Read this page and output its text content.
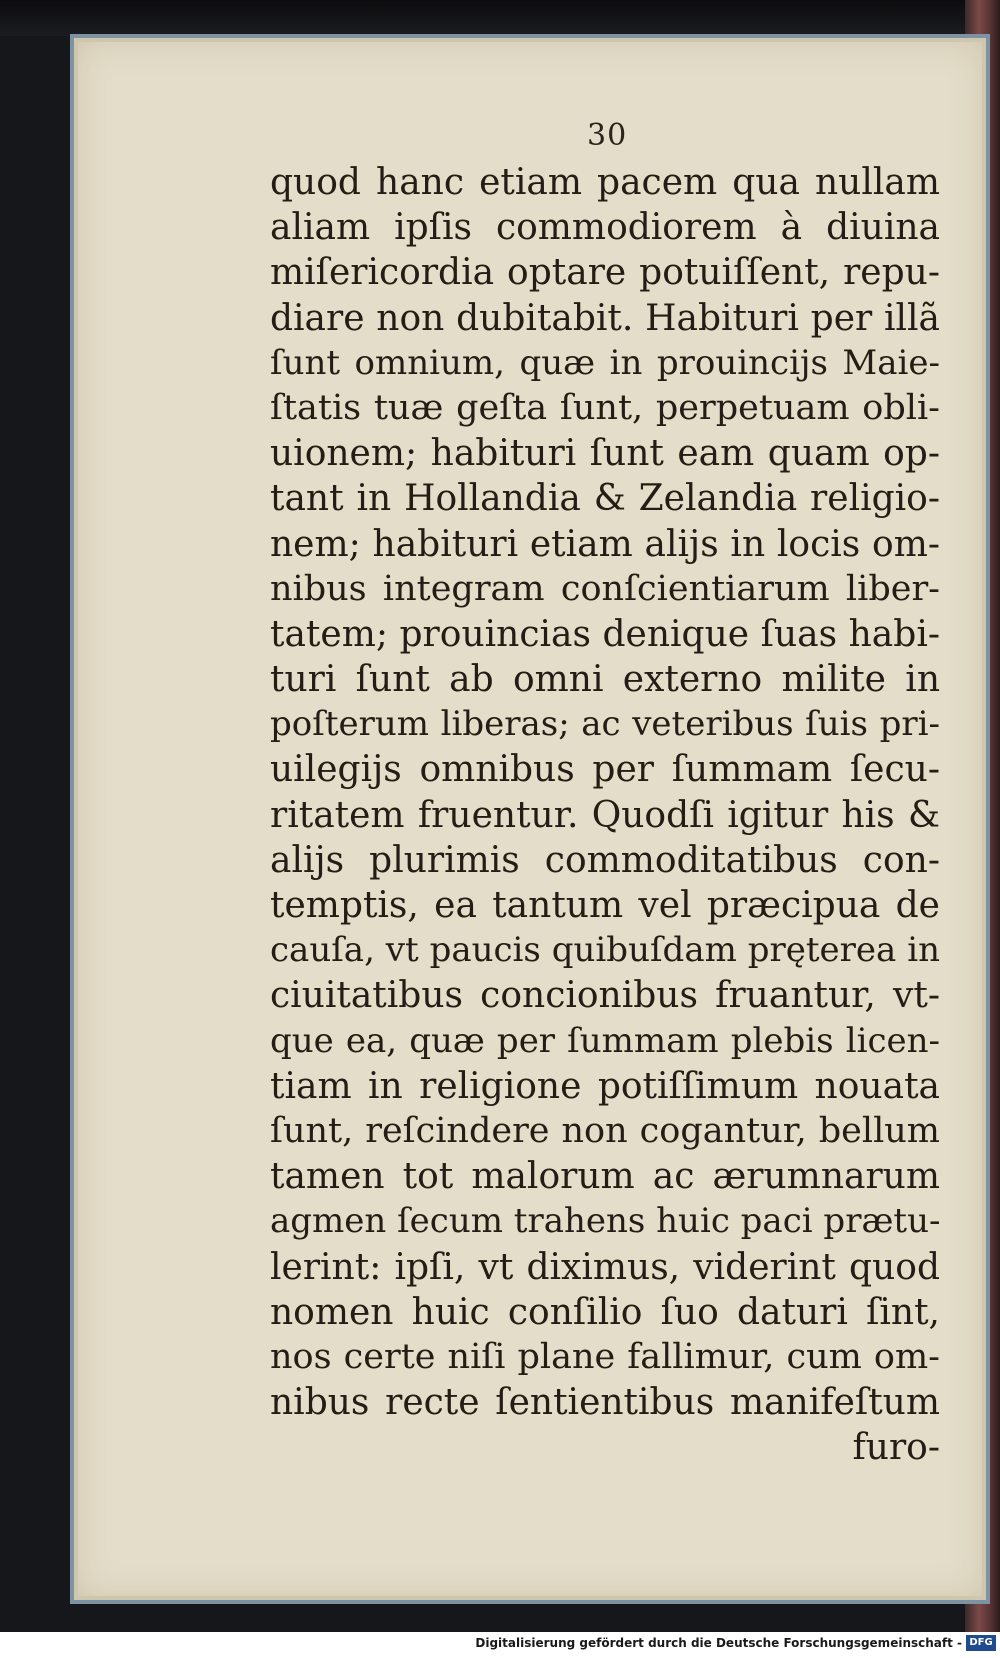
30
quod hanc etiam pacem qua nullam
aliam ipſis commodiorem à diuina
miſericordia optare potuiſſent, repu-
diare non dubitabit. Habituri per illã
ſunt omnium, quæ in prouincijs Maie-
ſtatis tuæ geſta ſunt, perpetuam obli-
uionem; habituri ſunt eam quam op-
tant in Hollandia & Zelandia religio-
nem; habituri etiam alijs in locis om-
nibus integram conſcientiarum liber-
tatem; prouincias denique ſuas habi-
turi ſunt ab omni externo milite in
poſterum liberas; ac veteribus ſuis pri-
uilegijs omnibus per ſummam ſecu-
ritatem fruentur. Quodſi igitur his &
alijs plurimis commoditatibus con-
temptis, ea tantum vel præcipua de
cauſa, vt paucis quibuſdam pręterea in
ciuitatibus concionibus fruantur, vt-
que ea, quæ per ſummam plebis licen-
tiam in religione potiſſimum nouata
ſunt, reſcindere non cogantur, bellum
tamen tot malorum ac ærumnarum
agmen ſecum trahens huic paci prætu-
lerint: ipſi, vt diximus, viderint quod
nomen huic conſilio ſuo daturi ſint,
nos certe niſi plane fallimur, cum om-
nibus recte ſentientibus manifeſtum
furo-
Digitalisierung gefördert durch die Deutsche Forschungsgemeinschaft - DFG
